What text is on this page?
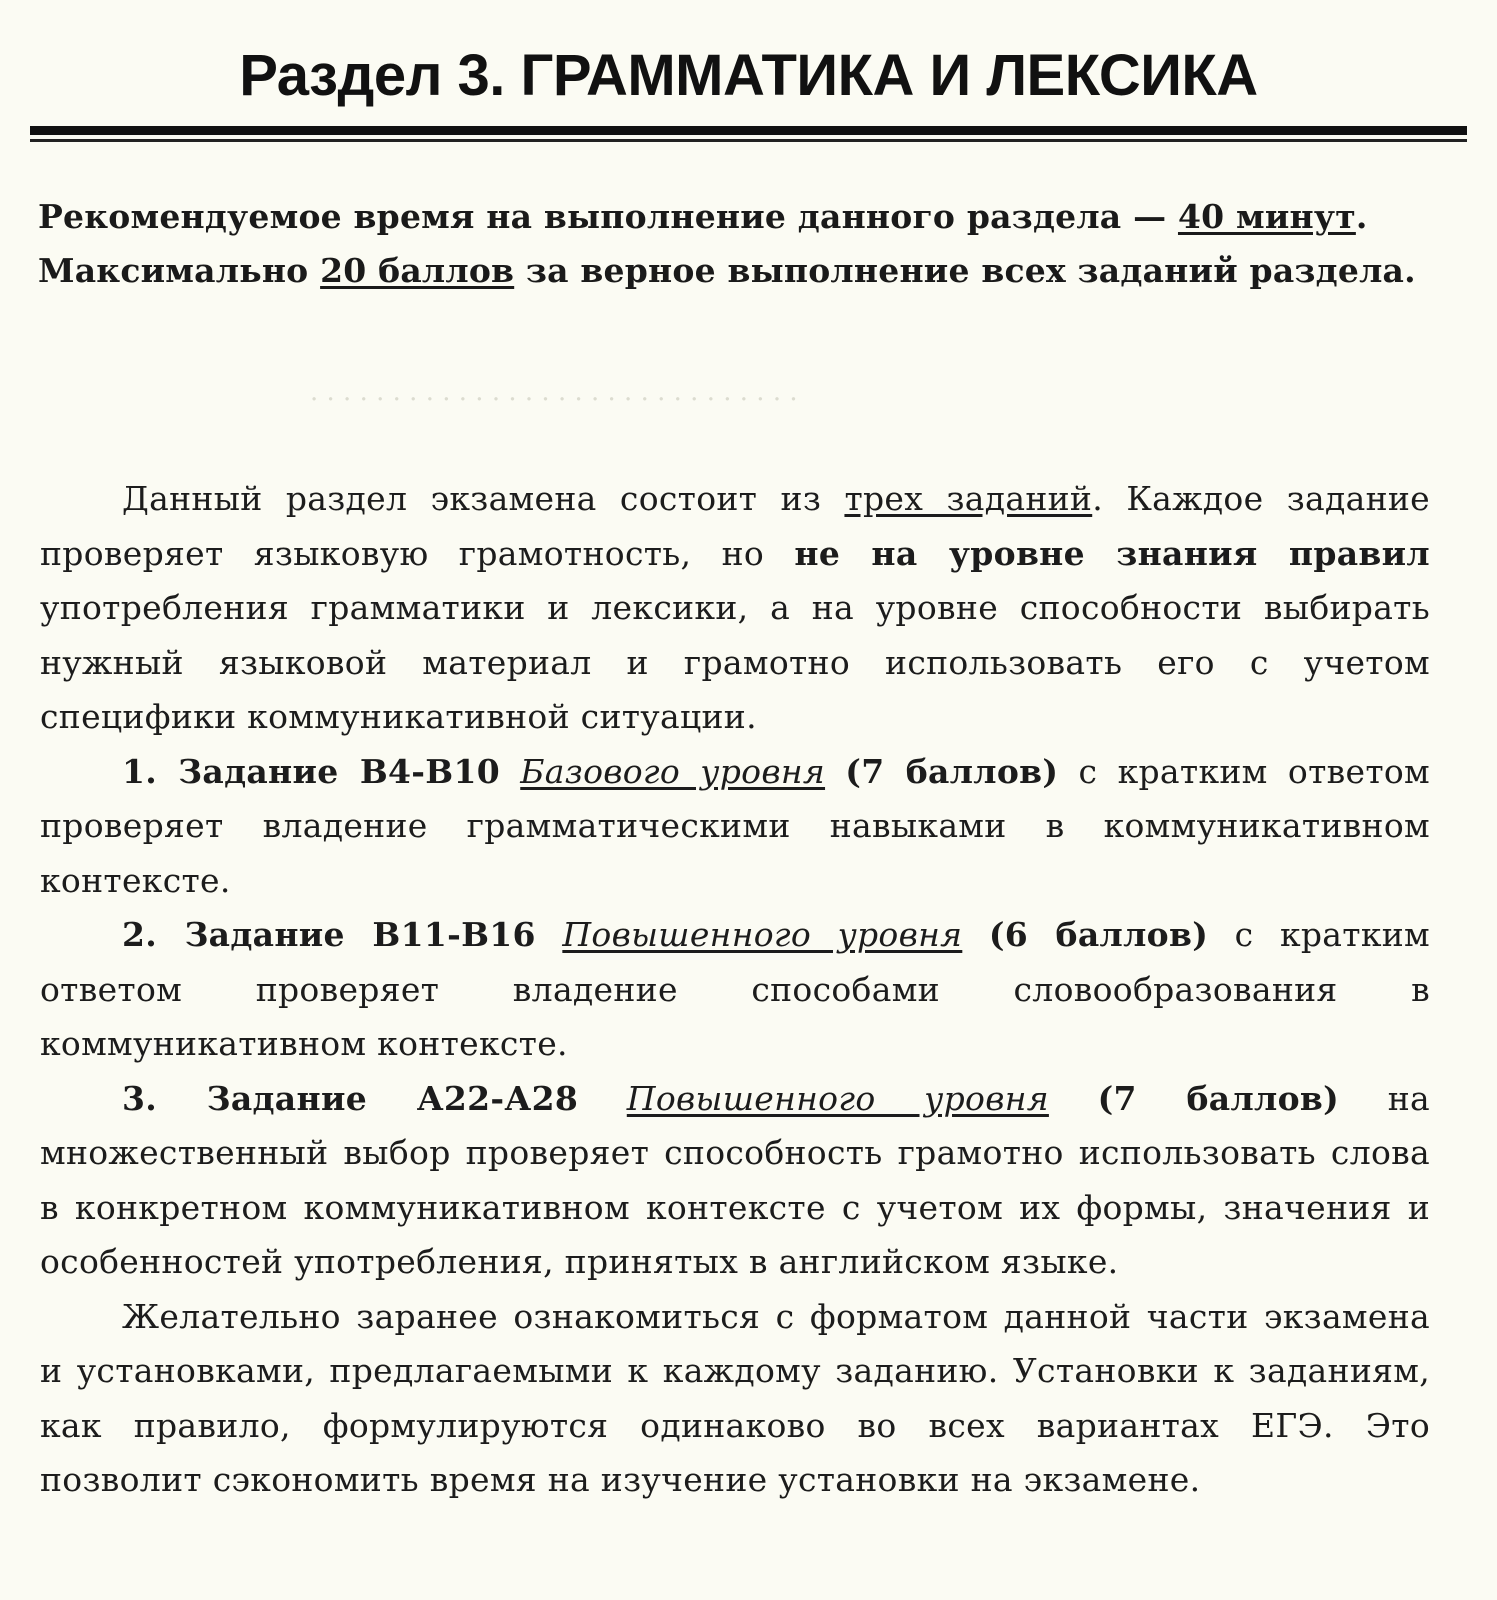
· · · · · · · · · · · · · · · · · · · · · · · · · · · · · ·
Раздел 3. ГРАММАТИКА И ЛЕКСИКА

Рекомендуемое время на выполнение данного раздела — 40 минут.

Максимально 20 баллов за верное выполнение всех заданий раздела.

Данный раздел экзамена состоит из трех заданий. Каждое задание проверяет языковую грамотность, но не на уровне знания правил употребления грамматики и лексики, а на уровне способности выбирать нужный языковой материал и грамотно использовать его с учетом специфики коммуникативной ситуации.

1. Задание В4-В10 Базового уровня (7 баллов) с кратким ответом проверяет владение грамматическими навыками в коммуникативном контексте.

2. Задание В11-В16 Повышенного уровня (6 баллов) с кратким ответом проверяет владение способами словообразования в коммуникативном контексте.

3. Задание А22-А28 Повышенного уровня (7 баллов) на множественный выбор проверяет способность грамотно использовать слова в конкретном коммуникативном контексте с учетом их формы, значения и особенностей употребления, принятых в английском языке.

Желательно заранее ознакомиться с форматом данной части экзамена и установками, предлагаемыми к каждому заданию. Установки к заданиям, как правило, формулируются одинаково во всех вариантах ЕГЭ. Это позволит сэкономить время на изучение установки на экзамене.
